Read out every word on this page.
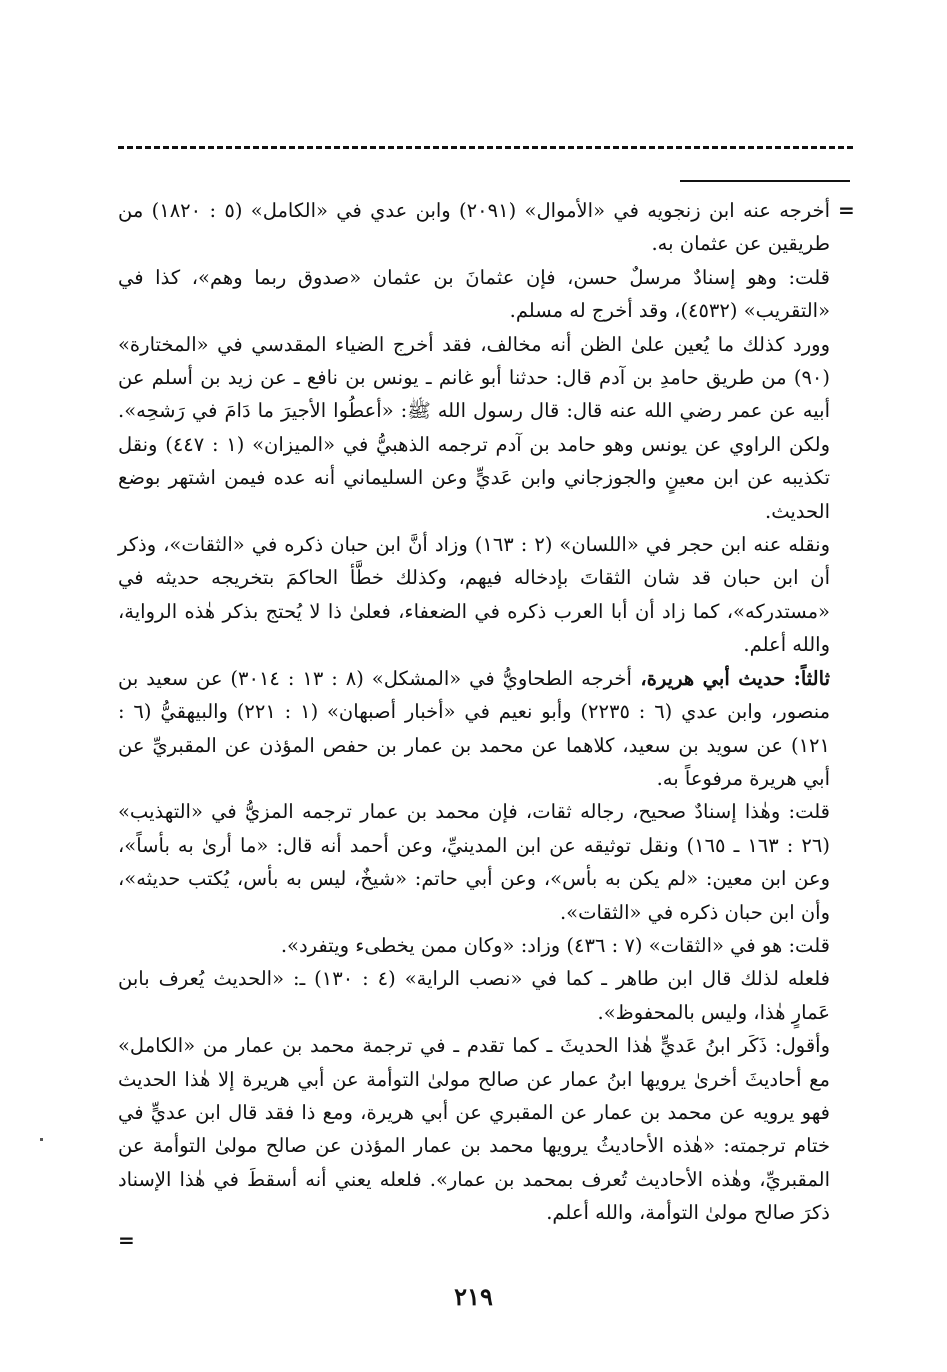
=

أخرجه عنه ابن زنجويه في «الأموال» (٢٠٩١) وابن عدي في «الكامل» (٥ : ١٨٢٠) من طريقين عن عثمان به.

قلت: وهو إسنادٌ مرسلٌ حسن، فإن عثمانَ بن عثمان «صدوق ربما وهم»، كذا في «التقريب» (٤٥٣٢)، وقد أخرج له مسلم.

وورد كذلك ما يُعين علىٰ الظن أنه مخالف، فقد أخرج الضياء المقدسي في «المختارة» (٩٠) من طريق حامدِ بن آدم قال: حدثنا أبو غانم ـ يونس بن نافع ـ عن زيد بن أسلم عن أبيه عن عمر رضي الله عنه قال: قال رسول الله ﷺ: «أعطُوا الأجيرَ ما دَامَ في رَشحِه». ولكن الراوي عن يونس وهو حامد بن آدم ترجمه الذهبيُّ في «الميزان» (١ : ٤٤٧) ونقل تكذيبه عن ابن معينٍ والجوزجاني وابن عَديٍّ وعن السليماني أنه عده فيمن اشتهر بوضع الحديث.

ونقله عنه ابن حجر في «اللسان» (٢ : ١٦٣) وزاد أنَّ ابن حبان ذكره في «الثقات»، وذكر أن ابن حبان قد شان الثقاتَ بإدخاله فيهم، وكذلك خطَّأ الحاكمَ بتخريجه حديثه في «مستدركه»، كما زاد أن أبا العرب ذكره في الضعفاء، فعلىٰ ذا لا يُحتج بذكر هٰذه الرواية، والله أعلم.

ثالثاً: حديث أبي هريرة، أخرجه الطحاويُّ في «المشكل» (٨ : ١٣ : ٣٠١٤) عن سعيد بن منصور، وابن عدي (٦ : ٢٢٣٥) وأبو نعيم في «أخبار أصبهان» (١ : ٢٢١) والبيهقيُّ (٦ : ١٢١) عن سويد بن سعيد، كلاهما عن محمد بن عمار بن حفص المؤذن عن المقبريِّ عن أبي هريرة مرفوعاً به.

قلت: وهٰذا إسنادٌ صحيح، رجاله ثقات، فإن محمد بن عمار ترجمه المزيُّ في «التهذيب» (٢٦ : ١٦٣ ـ ١٦٥) ونقل توثيقه عن ابن المدينيِّ، وعن أحمد أنه قال: «ما أرىٰ به بأساً»، وعن ابن معين: «لم يكن به بأس»، وعن أبي حاتم: «شيخٌ، ليس به بأس، يُكتب حديثه»، وأن ابن حبان ذكره في «الثقات».

قلت: هو في «الثقات» (٧ : ٤٣٦) وزاد: «وكان ممن يخطىء ويتفرد».

فلعله لذلك قال ابن طاهر ـ كما في «نصب الراية» (٤ : ١٣٠) ـ: «الحديث يُعرف بابن عَمارٍ هٰذا، وليس بالمحفوظ».

وأقول: ذَكَر ابنُ عَديٍّ هٰذا الحديثَ ـ كما تقدم ـ في ترجمة محمد بن عمار من «الكامل» مع أحاديثَ أخرىٰ يرويها ابنُ عمار عن صالح مولىٰ التوأمة عن أبي هريرة إلا هٰذا الحديث فهو يرويه عن محمد بن عمار عن المقبري عن أبي هريرة، ومع ذا فقد قال ابن عديٍّ في ختام ترجمته: «هٰذه الأحاديثُ يرويها محمد بن عمار المؤذن عن صالح مولىٰ التوأمة عن المقبريِّ، وهٰذه الأحاديث تُعرف بمحمد بن عمار». فلعله يعني أنه أسقطَ في هٰذا الإسناد ذكرَ صالح مولىٰ التوأمة، والله أعلم.

=
٢١٩
